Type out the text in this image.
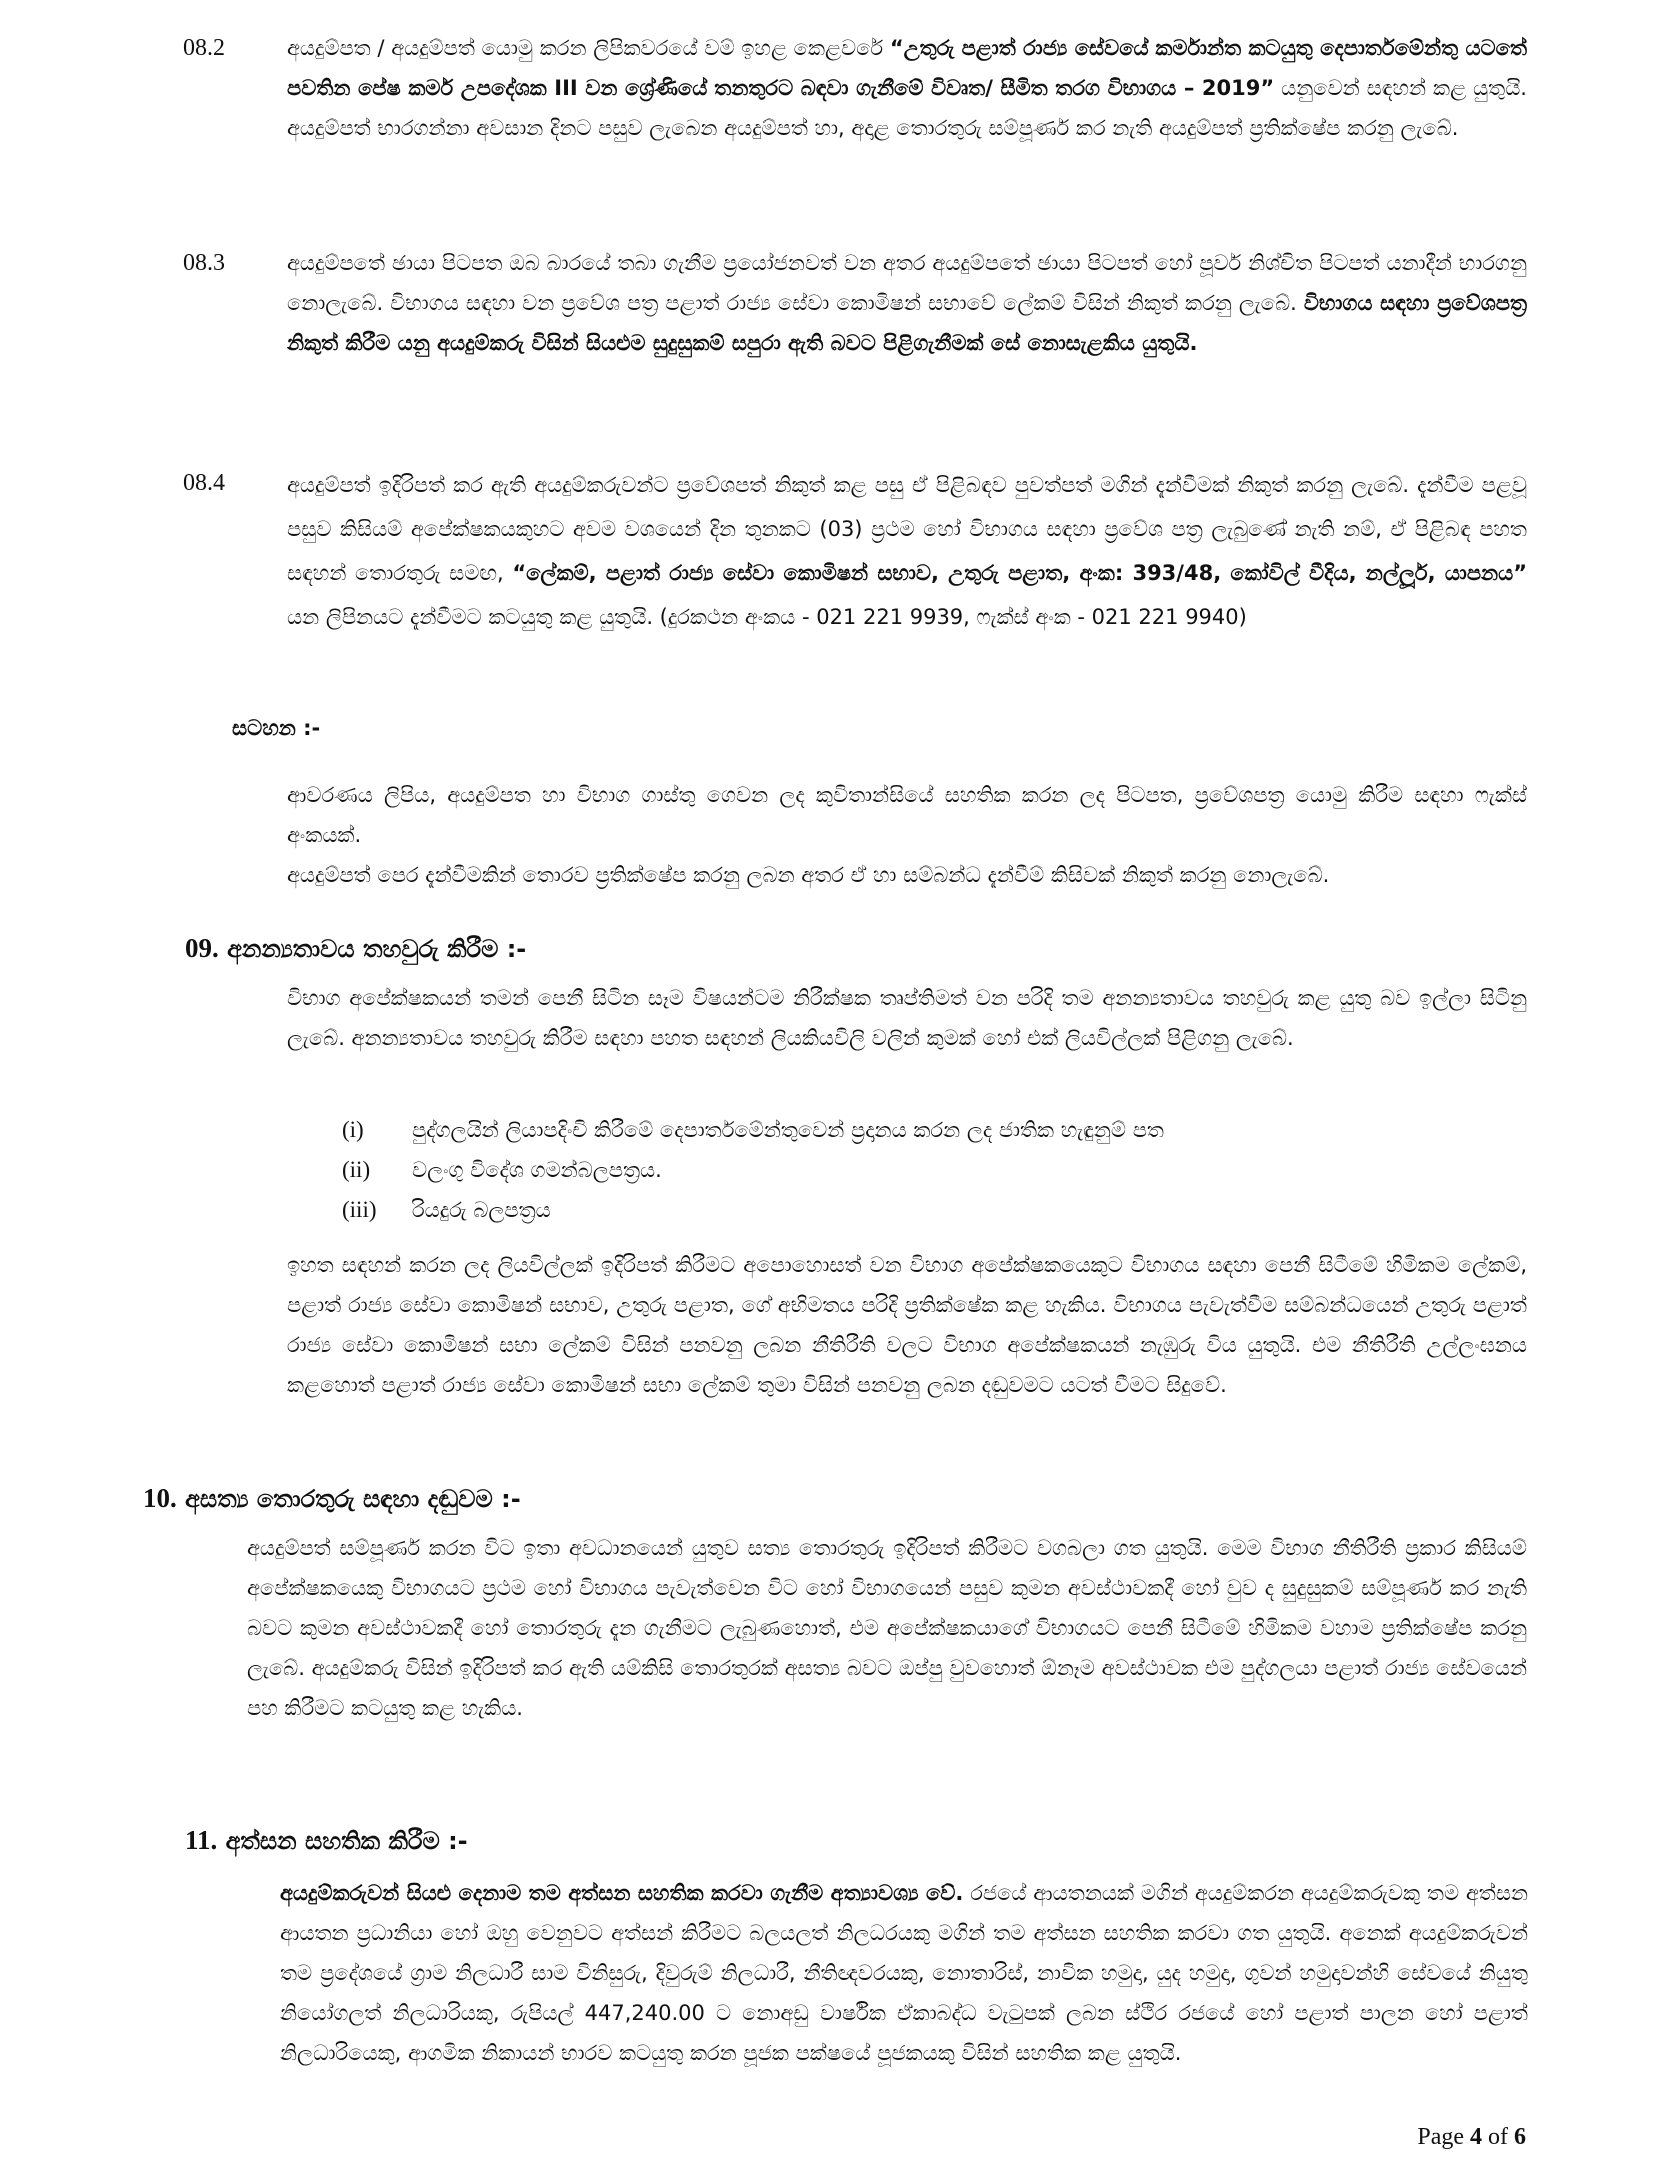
08.2	අයදුම්පත / අයදුම්පත් යොමු කරන ලිපිකවරයේ වම් ඉහළ කෙළවරේ “උතුරු පළාත් රාජ්‍ය සේවයේ කර්මාන්ත කටයුතු දෙපාර්තමේන්තු යටතේ පවතින පේෂ කර්ම උපදේශක III වන ශ්‍රේණියේ තනතුරට බඳවා ගැනීමේ විවෘත/ සීමිත තරග විභාගය – 2019” යනුවෙන් සඳහන් කළ යුතුයි. අයදුම්පත් භාරගන්නා අවසාන දිනට පසුව ලැබෙන අයදුම්පත් හා, අදාළ තොරතුරු සම්පූර්ණ කර නැති අයදුම්පත් ප්‍රතික්ෂේප කරනු ලැබේ.
08.3	අයදුම්පතේ ඡායා පිටපත ඔබ බාරයේ තබා ගැනීම ප්‍රයෝජනවත් වන අතර අයදුම්පතේ ඡායා පිටපත් හෝ පූර්ව නිශ්චිත පිටපත් යනාදීන් භාරගනු නොලැබේ. විභාගය සඳහා වන ප්‍රවේශ පත්‍ර පළාත් රාජ්‍ය සේවා කොමිෂන් සභාවේ ලේකම් විසින් නිකුත් කරනු ලැබේ. විභාගය සඳහා ප්‍රවේශපත්‍ර නිකුත් කිරීම යනු අයදුම්කරු විසින් සියළුම සුදුසුකම් සපුරා ඇති බවට පිළිගැනීමක් සේ නොසැළකිය යුතුයි.
08.4	අයදුම්පත් ඉදිරිපත් කර ඇති අයදුම්කරුවන්ට ප්‍රවේශපත් නිකුත් කළ පසු ඒ පිළිබඳව පුවත්පත් මගින් දැන්වීමක් නිකුත් කරනු ලැබේ. දැන්වීම පළවූ පසුව කිසියම් අපේක්ෂකයකුහට අවම වශයෙන් දින තුනකට (03) ප්‍රථම හෝ විභාගය සඳහා ප්‍රවේශ පත්‍ර ලැබුණේ නැති නම්, ඒ පිළිබඳ පහත සඳහන් තොරතුරු සමඟ, “ලේකම්, පළාත් රාජ්‍ය සේවා කොමිෂන් සභාව, උතුරු පළාත, අංක: 393/48, කෝවිල් වීදිය, නල්ලූර්, යාපනය” යන ලිපිනයට දැන්වීමට කටයුතු කළ යුතුයි. (දුරකථන අංකය - 021 221 9939, ෆැක්ස් අංක - 021 221 9940)
සටහන :-
ආවරණය ලිපිය, අයදුම්පත හා විභාග ගාස්තු ගෙවන ලද කුවිතාන්සියේ සහතික කරන ලද පිටපත, ප්‍රවේශපත්‍ර යොමු කිරීම සඳහා ෆැක්ස් අංකයක්.
අයදුම්පත් පෙර දැන්වීමකින් තොරව ප්‍රතික්ෂේප කරනු ලබන අතර ඒ හා සම්බන්ධ දැන්වීම් කිසිවක් නිකුත් කරනු නොලැබේ.
09. අනන්‍යතාවය තහවුරු කිරීම :-
විභාග අපේක්ෂකයන් තමන් පෙනී සිටින සෑම විෂයන්ටම නිරීක්ෂක තෘප්තිමත් වන පරිදි තම අනන්‍යතාවය තහවුරු කළ යුතු බව ඉල්ලා සිටිනු ලැබේ. අනන්‍යතාවය තහවුරු කිරීම සඳහා පහත සඳහන් ලියකියවිලි වලින් කුමක් හෝ එක් ලියවිල්ලක් පිළිගනු ලැබේ.
(i) පුද්ගලයින් ලියාපදිංචි කිරීමේ දෙපාර්තමේන්තුවෙන් ප්‍රදානය කරන ලද ජාතික හැඳුනුම් පත
(ii) වලංගු විදේශ ගමන්බලපත්‍රය.
(iii) රියදුරු බලපත්‍රය
ඉහත සඳහන් කරන ලද ලියවිල්ලක් ඉදිරිපත් කිරීමට අපොහොසත් වන විභාග අපේක්ෂකයෙකුට විභාගය සඳහා පෙනී සිටීමේ හිමිකම ලේකම්, පළාත් රාජ්‍ය සේවා කොමිෂන් සභාව, උතුරු පළාත, ගේ අභිමතය පරිදි ප්‍රතික්ෂේක කළ හැකිය. විභාගය පැවැත්වීම සම්බන්ධයෙන් උතුරු පළාත් රාජ්‍ය සේවා කොමිෂන් සභා ලේකම් විසින් පනවනු ලබන නීතිරීති වලට විභාග අපේක්ෂකයන් නැඹුරු විය යුතුයි. එම නීතිරීති උල්ලංඝනය කළහොත් පළාත් රාජ්‍ය සේවා කොමිෂන් සභා ලේකම් තුමා විසින් පනවනු ලබන දඬුවමට යටත් වීමට සිදුවේ.
10. අසත්‍ය තොරතුරු සඳහා දඬුවම :-
අයදුම්පත් සම්පූර්ණ කරන විට ඉතා අවධානයෙන් යුතුව සත්‍ය තොරතුරු ඉදිරිපත් කිරීමට වගබලා ගත යුතුයි. මෙම විභාග නීතිරීති ප්‍රකාර කිසියම් අපේක්ෂකයෙකු විභාගයට ප්‍රථම හෝ විභාගය පැවැත්වෙන විට හෝ විභාගයෙන් පසුව කුමන අවස්ථාවකදී හෝ වුව ද සුදුසුකම් සම්පූර්ණ කර නැති බවට කුමන අවස්ථාවකදී හෝ තොරතුරු දැන ගැනීමට ලැබුණහොත්, එම අපේක්ෂකයාගේ විභාගයට පෙනී සිටීමේ හිමිකම වහාම ප්‍රතික්ෂේප කරනු ලැබේ. අයදුම්කරු විසින් ඉදිරිපත් කර ඇති යම්කිසි තොරතුරක් අසත්‍ය බවට ඔප්පු වුවහොත් ඕනෑම අවස්ථාවක එම පුද්ගලයා පළාත් රාජ්‍ය සේවයෙන් පහ කිරීමට කටයුතු කළ හැකිය.
11. අත්සන සහතික කිරීම :-
අයදුම්කරුවන් සියළු දෙනාම තම අත්සන සහතික කරවා ගැනීම අත්‍යාවශ්‍ය වේ. රජයේ ආයතනයක් මගින් අයදුම්කරන අයදුම්කරුවකු තම අත්සන ආයතන ප්‍රධානියා හෝ ඔහු වෙනුවට අත්සන් කිරීමට බලයලත් නිලධරයකු මගින් තම අත්සන සහතික කරවා ගත යුතුයි. අනෙක් අයදුම්කරුවන් තම ප්‍රදේශයේ ග්‍රාම නිලධාරී සාම විනිසුරු, දිවුරුම් නිලධාරී, නීතිඥවරයකු, නොතාරිස්, නාවික හමුදා, යුද හමුදා, ගුවන් හමුදාවන්හි සේවයේ නියුතු නියෝගලත් නිලධාරියකු, රුපියල් 447,240.00 ට නොඅඩු වාර්ෂික ඒකාබද්ධ වැටුපක් ලබන ස්ථිර රජයේ හෝ පළාත් පාලන හෝ පළාත් නිලධාරියෙකු, ආගමික නිකායන් භාරව කටයුතු කරන පූජක පක්ෂයේ පූජකයකු විසින් සහතික කළ යුතුයි.
Page 4 of 6
